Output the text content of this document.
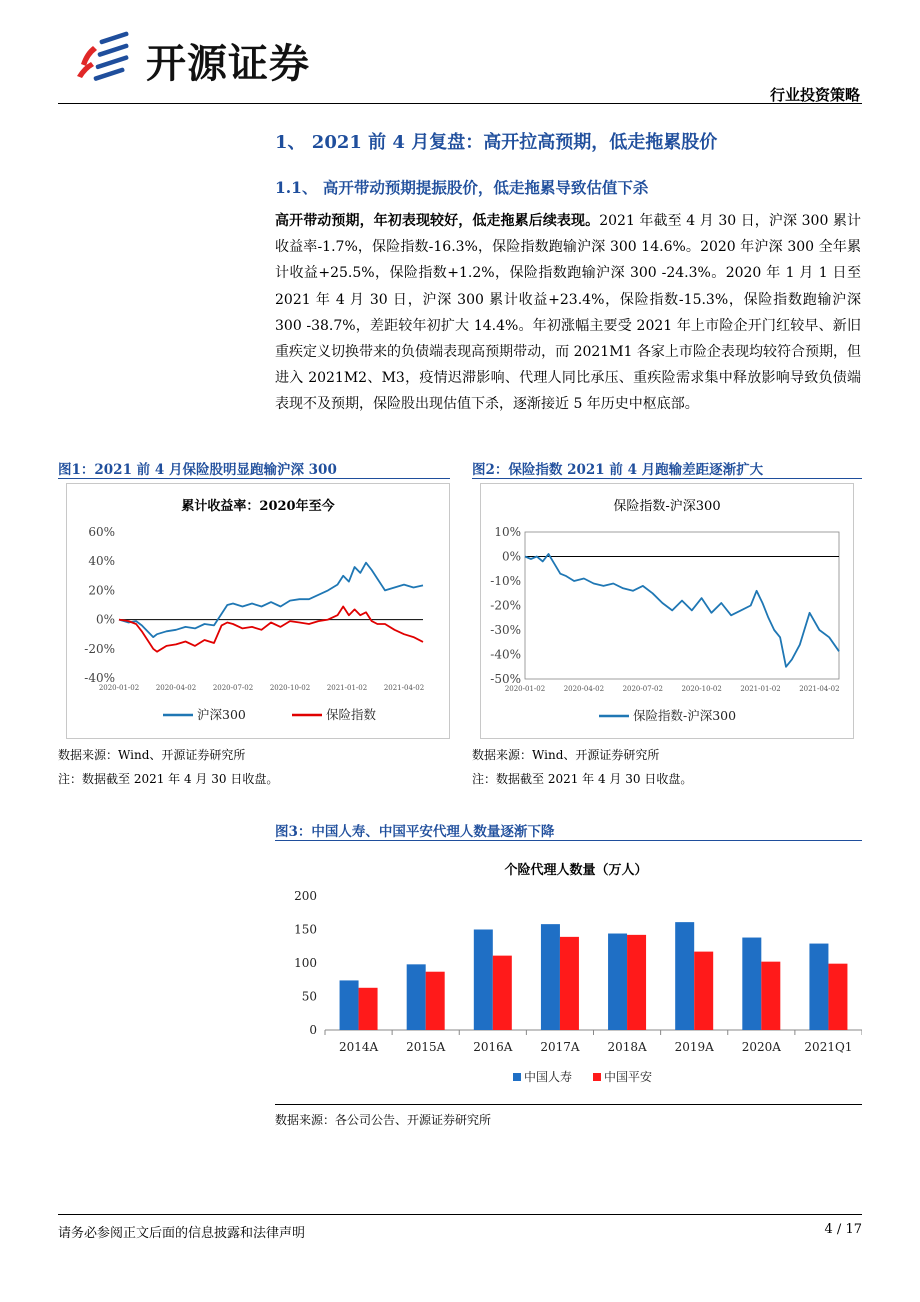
开源证券
行业投资策略
1、 2021 前 4 月复盘：高开拉高预期，低走拖累股价
1.1、 高开带动预期提振股价，低走拖累导致估值下杀
高开带动预期，年初表现较好，低走拖累后续表现。2021 年截至 4 月 30 日，沪深 300 累计收益率-1.7%，保险指数-16.3%，保险指数跑输沪深 300 14.6%。2020 年沪深 300 全年累计收益+25.5%，保险指数+1.2%，保险指数跑输沪深 300 -24.3%。2020 年 1 月 1 日至 2021 年 4 月 30 日，沪深 300 累计收益+23.4%，保险指数-15.3%，保险指数跑输沪深 300 -38.7%，差距较年初扩大 14.4%。年初涨幅主要受 2021 年上市险企开门红较早、新旧重疾定义切换带来的负债端表现高预期带动，而 2021M1 各家上市险企表现均较符合预期，但进入 2021M2、M3，疫情迟滞影响、代理人同比承压、重疾险需求集中释放影响导致负债端表现不及预期，保险股出现估值下杀，逐渐接近 5 年历史中枢底部。
图1：2021 前 4 月保险股明显跑输沪深 300
累计收益率：2020年至今
60%
40%
20%
0%
-20%
-40%
2020-01-02 2020-04-02 2020-07-02 2020-10-02 2021-01-02 2021-04-02
沪深300	保险指数
数据来源：Wind、开源证券研究所
注：数据截至 2021 年 4 月 30 日收盘。
图2：保险指数 2021 前 4 月跑输差距逐渐扩大
保险指数-沪深300
10%
0%
-10%
-20%
-30%
-40%
-50%
2020-01-02	2020-04-02	2020-07-02	2020-10-02	2021-01-02	2021-04-02
保险指数-沪深300
数据来源：Wind、开源证券研究所
注：数据截至 2021 年 4 月 30 日收盘。
图3：中国人寿、中国平安代理人数量逐渐下降
个险代理人数量（万人）
200
150
100
50
0
2014A 2015A 2016A 2017A 2018A 2019A 2020A 2021Q1
中国人寿	中国平安
数据来源：各公司公告、开源证券研究所
请务必参阅正文后面的信息披露和法律声明	4 / 17
